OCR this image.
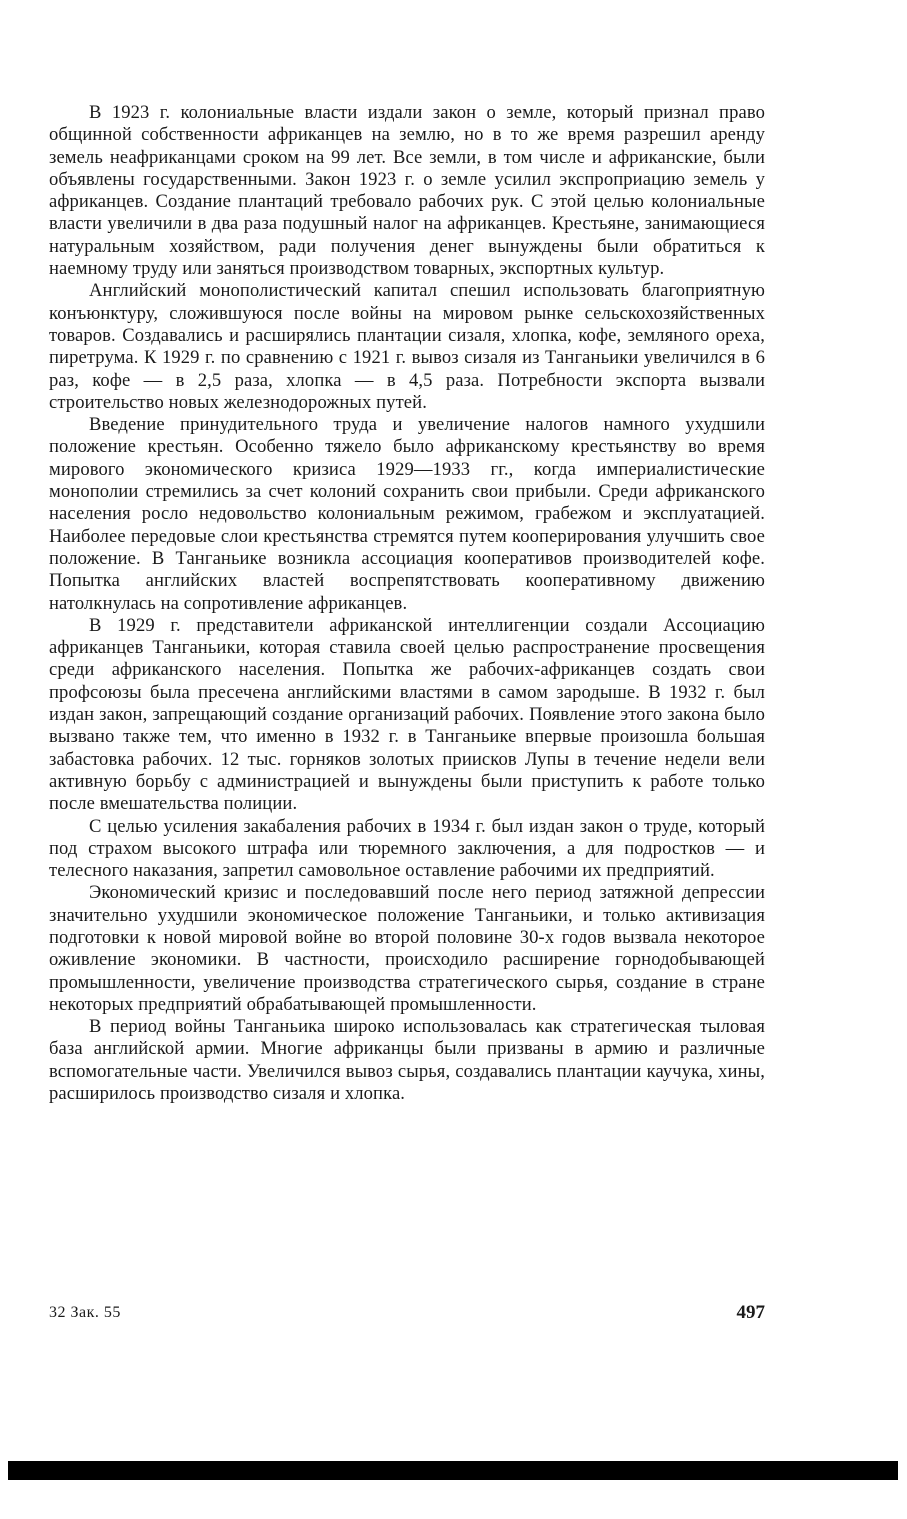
В 1923 г. колониальные власти издали закон о земле, который признал право общинной собственности африканцев на землю, но в то же время разрешил аренду земель неафриканцами сроком на 99 лет. Все земли, в том числе и африканские, были объявлены государственными. Закон 1923 г. о земле усилил экспроприацию земель у африканцев. Создание плантаций требовало рабочих рук. С этой целью колониальные власти увеличили в два раза подушный налог на африканцев. Крестьяне, занимающиеся натуральным хозяйством, ради получения денег вынуждены были обратиться к наемному труду или заняться производством товарных, экспортных культур.

Английский монополистический капитал спешил использовать благоприятную конъюнктуру, сложившуюся после войны на мировом рынке сельскохозяйственных товаров. Создавались и расширялись плантации сизаля, хлопка, кофе, земляного ореха, пиретрума. К 1929 г. по сравнению с 1921 г. вывоз сизаля из Танганьики увеличился в 6 раз, кофе — в 2,5 раза, хлопка — в 4,5 раза. Потребности экспорта вызвали строительство новых железнодорожных путей.

Введение принудительного труда и увеличение налогов намного ухудшили положение крестьян. Особенно тяжело было африканскому крестьянству во время мирового экономического кризиса 1929—1933 гг., когда империалистические монополии стремились за счет колоний сохранить свои прибыли. Среди африканского населения росло недовольство колониальным режимом, грабежом и эксплуатацией. Наиболее передовые слои крестьянства стремятся путем кооперирования улучшить свое положение. В Танганьике возникла ассоциация кооперативов производителей кофе. Попытка английских властей воспрепятствовать кооперативному движению натолкнулась на сопротивление африканцев.

В 1929 г. представители африканской интеллигенции создали Ассоциацию африканцев Танганьики, которая ставила своей целью распространение просвещения среди африканского населения. Попытка же рабочих-африканцев создать свои профсоюзы была пресечена английскими властями в самом зародыше. В 1932 г. был издан закон, запрещающий создание организаций рабочих. Появление этого закона было вызвано также тем, что именно в 1932 г. в Танганьике впервые произошла большая забастовка рабочих. 12 тыс. горняков золотых приисков Лупы в течение недели вели активную борьбу с администрацией и вынуждены были приступить к работе только после вмешательства полиции.

С целью усиления закабаления рабочих в 1934 г. был издан закон о труде, который под страхом высокого штрафа или тюремного заключения, а для подростков — и телесного наказания, запретил самовольное оставление рабочими их предприятий.

Экономический кризис и последовавший после него период затяжной депрессии значительно ухудшили экономическое положение Танганьики, и только активизация подготовки к новой мировой войне во второй половине 30-х годов вызвала некоторое оживление экономики. В частности, происходило расширение горнодобывающей промышленности, увеличение производства стратегического сырья, создание в стране некоторых предприятий обрабатывающей промышленности.

В период войны Танганьика широко использовалась как стратегическая тыловая база английской армии. Многие африканцы были призваны в армию и различные вспомогательные части. Увеличился вывоз сырья, создавались плантации каучука, хины, расширилось производство сизаля и хлопка.

32 Зак. 55	497
